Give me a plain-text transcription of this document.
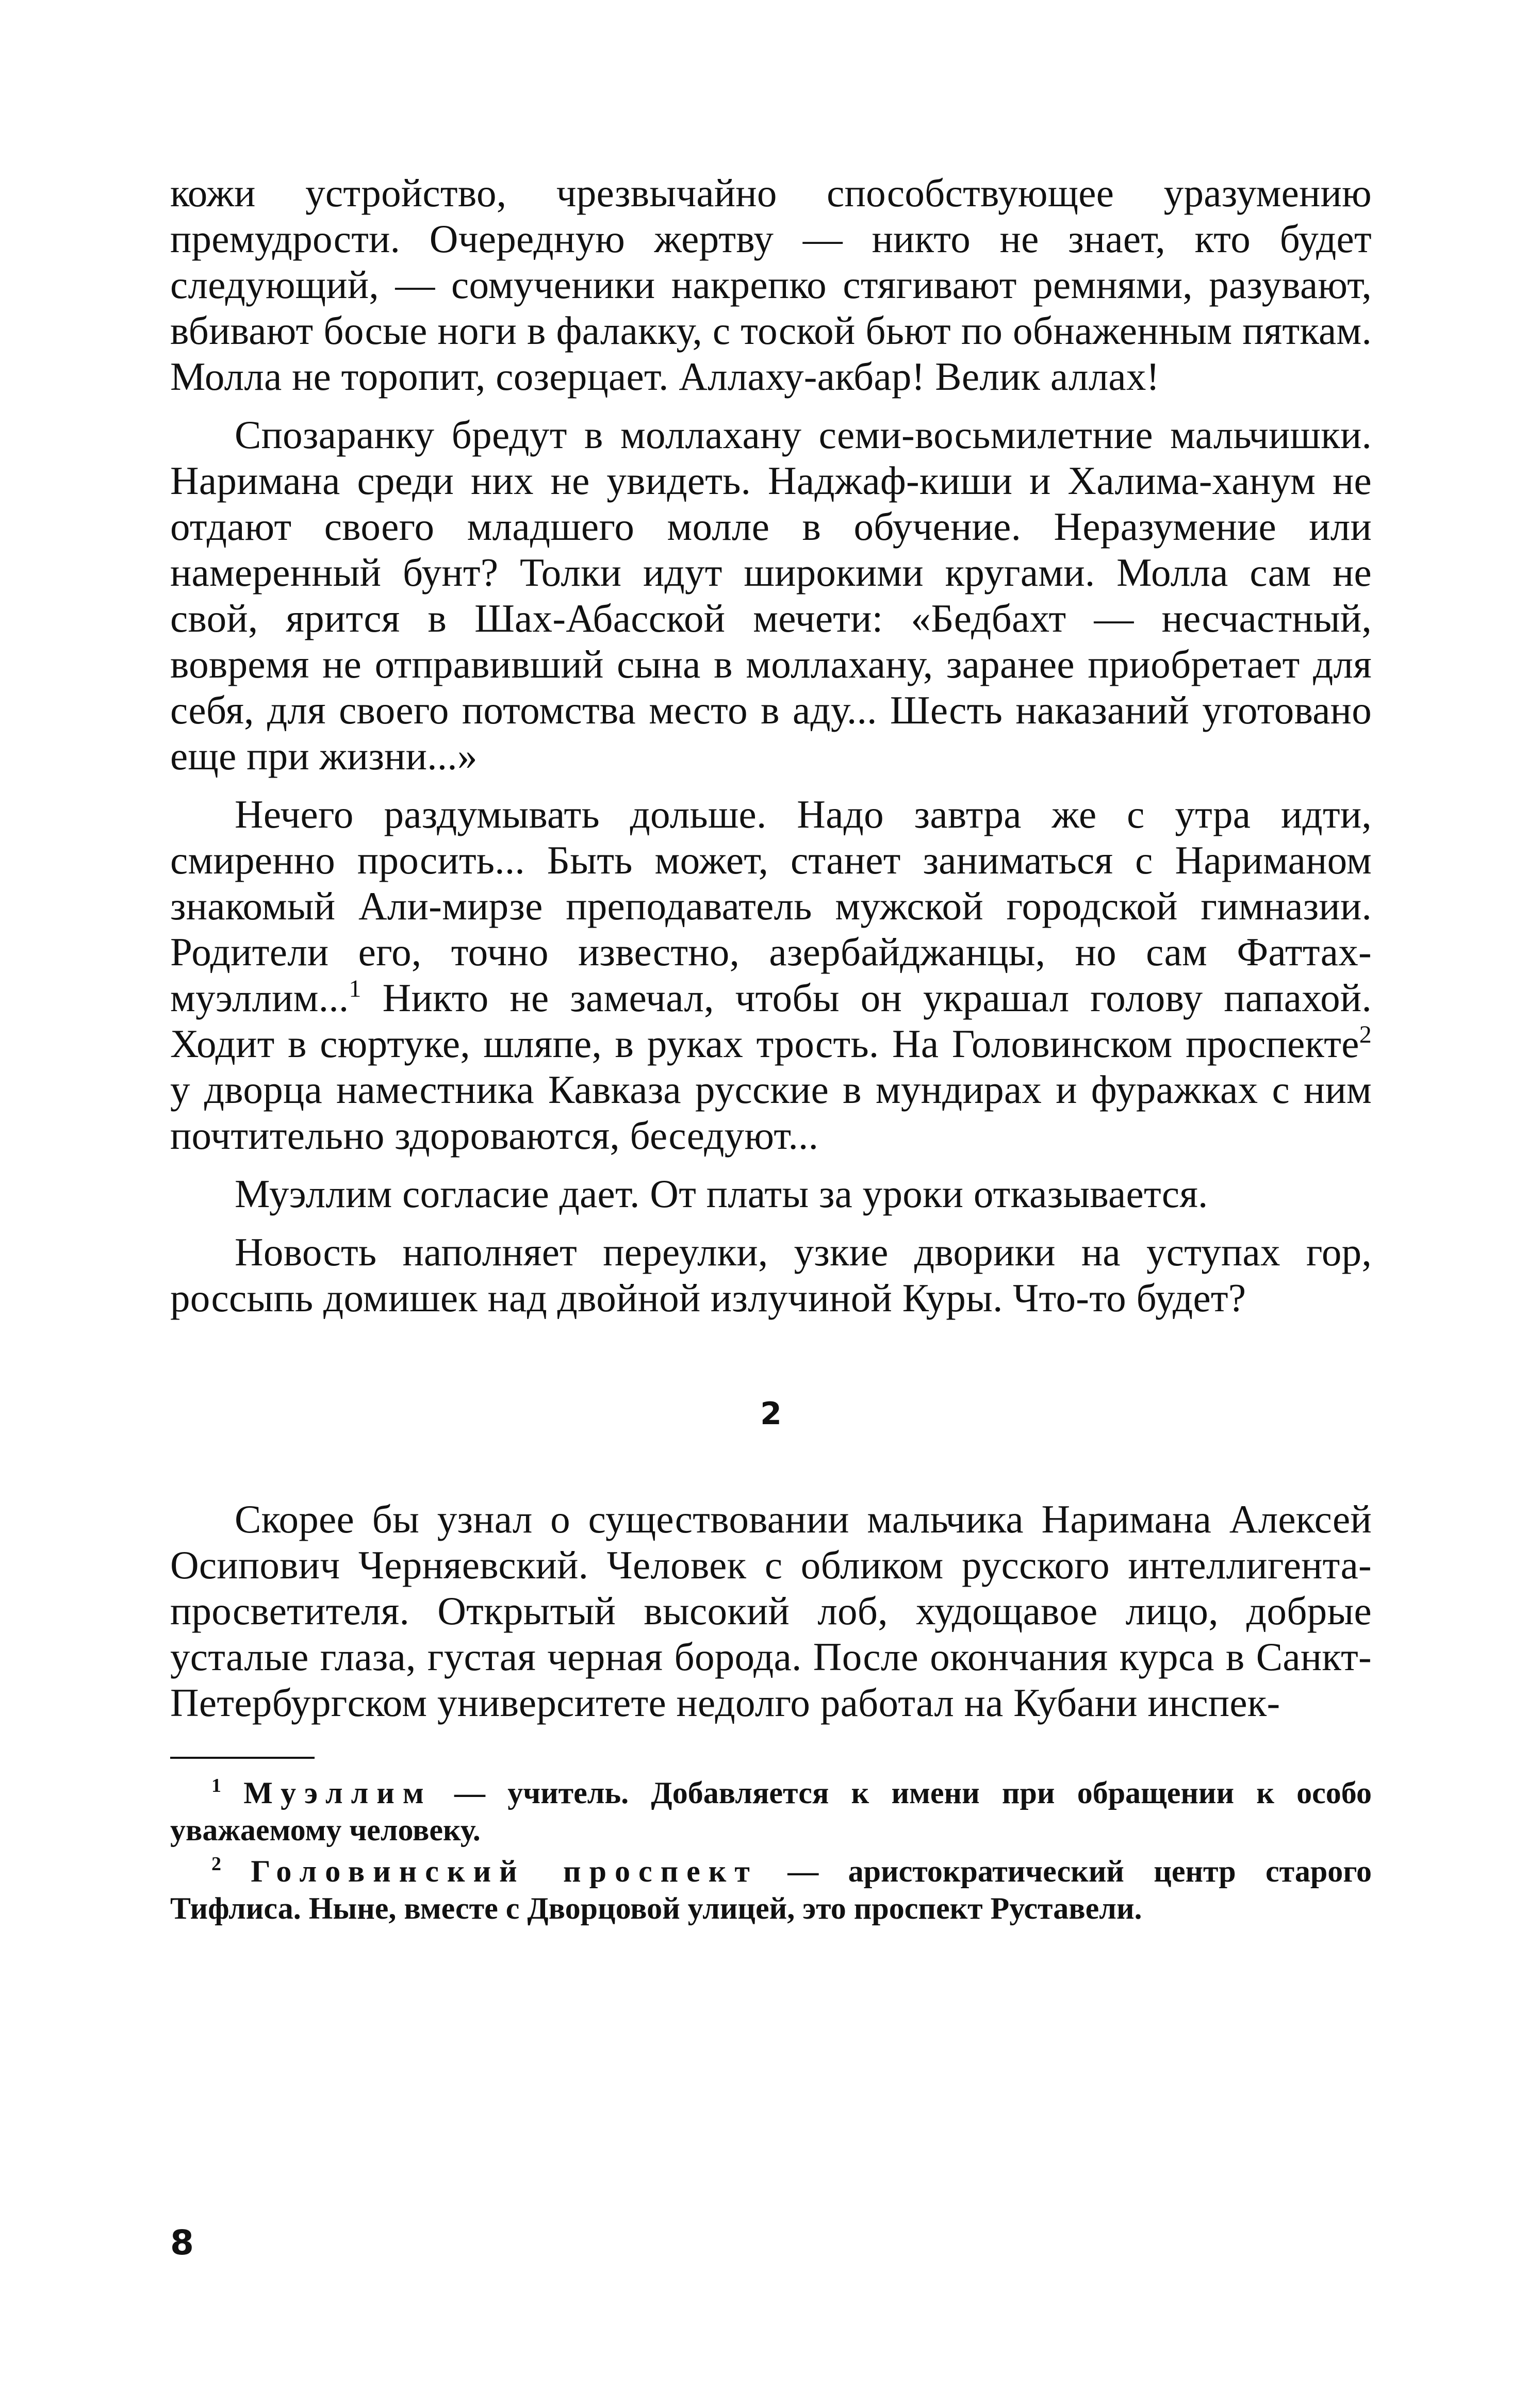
кожи устройство, чрезвычайно способствующее уразумению премудрости. Очередную жертву — никто не знает, кто будет следующий, — сомученики накрепко стягивают ремнями, разувают, вбивают босые ноги в фалакку, с тоской бьют по обнаженным пяткам. Молла не торопит, созерцает. Аллаху-акбар! Велик аллах!

Спозаранку бредут в моллахану семи-восьмилетние мальчишки. Наримана среди них не увидеть. Наджаф-киши и Халима-ханум не отдают своего младшего молле в обучение. Неразумение или намеренный бунт? Толки идут широкими кругами. Молла сам не свой, ярится в Шах-Абасской мечети: «Бедбахт — несчастный, вовремя не отправивший сына в моллахану, заранее приобретает для себя, для своего потомства место в аду... Шесть наказаний уготовано еще при жизни...»

Нечего раздумывать дольше. Надо завтра же с утра идти, смиренно просить... Быть может, станет заниматься с Нариманом знакомый Али-мирзе преподаватель мужской городской гимназии. Родители его, точно известно, азербайджанцы, но сам Фаттах-муэллим...$^1$ Никто не замечал, чтобы он украшал голову папахой. Ходит в сюртуке, шляпе, в руках трость. На Головинском проспекте$^2$ у дворца наместника Кавказа русские в мундирах и фуражках с ним почтительно здороваются, беседуют...

Муэллим согласие дает. От платы за уроки отказывается.

Новость наполняет переулки, узкие дворики на уступах гор, россыпь домишек над двойной излучиной Куры. Что-то будет?

2

Скорее бы узнал о существовании мальчика Наримана Алексей Осипович Черняевский. Человек с обликом русского интеллигента-просветителя. Открытый высокий лоб, худощавое лицо, добрые усталые глаза, густая черная борода. После окончания курса в Санкт-Петербургском университете недолго работал на Кубани инспек-

$^1$ Муэллим — учитель. Добавляется к имени при обращении к особо уважаемому человеку.

$^2$ Головинский проспект — аристократический центр старого Тифлиса. Ныне, вместе с Дворцовой улицей, это проспект Руставели.

8
